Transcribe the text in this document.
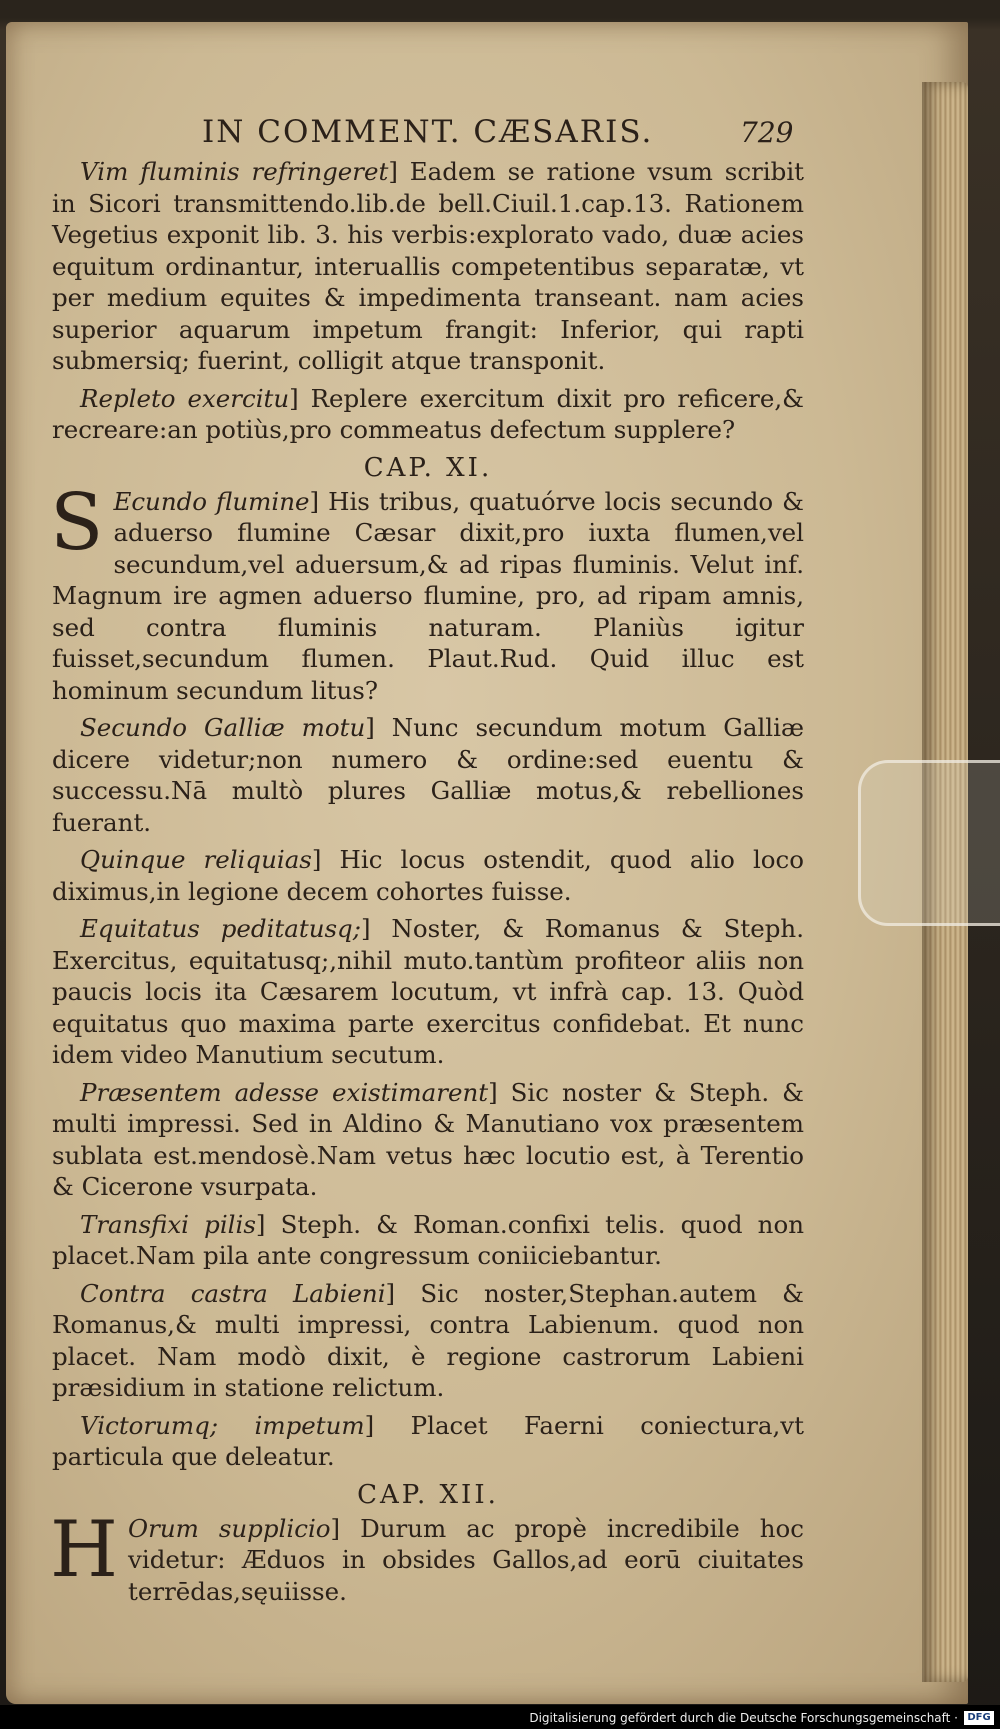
IN COMMENT. CÆSARIS.	729

Vim fluminis refringeret] Eadem se ratione vsum scribit in Sicori transmittendo.lib.de bell.Ciuil.1.cap.13. Rationem Vegetius exponit lib. 3. his verbis:explorato vado, duæ acies equitum ordinantur, interuallis competentibus separatæ, vt per medium equites & impedimenta transeant. nam acies superior aquarum impetum frangit: Inferior, qui rapti submersiq; fuerint, colligit atque transponit.

Repleto exercitu] Replere exercitum dixit pro reficere,& recreare:an potiùs,pro commeatus defectum supplere?

CAP. XI.

S Ecundo flumine] His tribus, quatuórve locis secundo & aduerso flumine Cæsar dixit,pro iuxta flumen,vel secundum,vel aduersum,& ad ripas fluminis. Velut inf. Magnum ire agmen aduerso flumine, pro, ad ripam amnis, sed contra fluminis naturam. Planiùs igitur fuisset,secundum flumen. Plaut.Rud. Quid illuc est hominum secundum litus?

Secundo Galliæ motu] Nunc secundum motum Galliæ dicere videtur;non numero & ordine:sed euentu & successu.Nā multò plures Galliæ motus,& rebelliones fuerant.

Quinque reliquias] Hic locus ostendit, quod alio loco diximus,in legione decem cohortes fuisse.

Equitatus peditatusq;] Noster, & Romanus & Steph. Exercitus, equitatusq;,nihil muto.tantùm profiteor aliis non paucis locis ita Cæsarem locutum, vt infrà cap. 13. Quòd equitatus quo maxima parte exercitus confidebat. Et nunc idem video Manutium secutum.

Præsentem adesse existimarent] Sic noster & Steph. & multi impressi. Sed in Aldino & Manutiano vox præsentem sublata est.mendosè.Nam vetus hæc locutio est, à Terentio & Cicerone vsurpata.

Transfixi pilis] Steph. & Roman.confixi telis. quod non placet.Nam pila ante congressum coniiciebantur.

Contra castra Labieni] Sic noster,Stephan.autem & Romanus,& multi impressi, contra Labienum. quod non placet. Nam modò dixit, è regione castrorum Labieni præsidium in statione relictum.

Victorumq; impetum] Placet Faerni coniectura,vt particula que deleatur.

CAP. XII.

H Orum supplicio] Durum ac propè incredibile hoc videtur: Æduos in obsides Gallos,ad eorū ciuitates terrēdas,sęuiisse.

Digitalisierung gefördert durch die Deutsche Forschungsgemeinschaft · DFG
